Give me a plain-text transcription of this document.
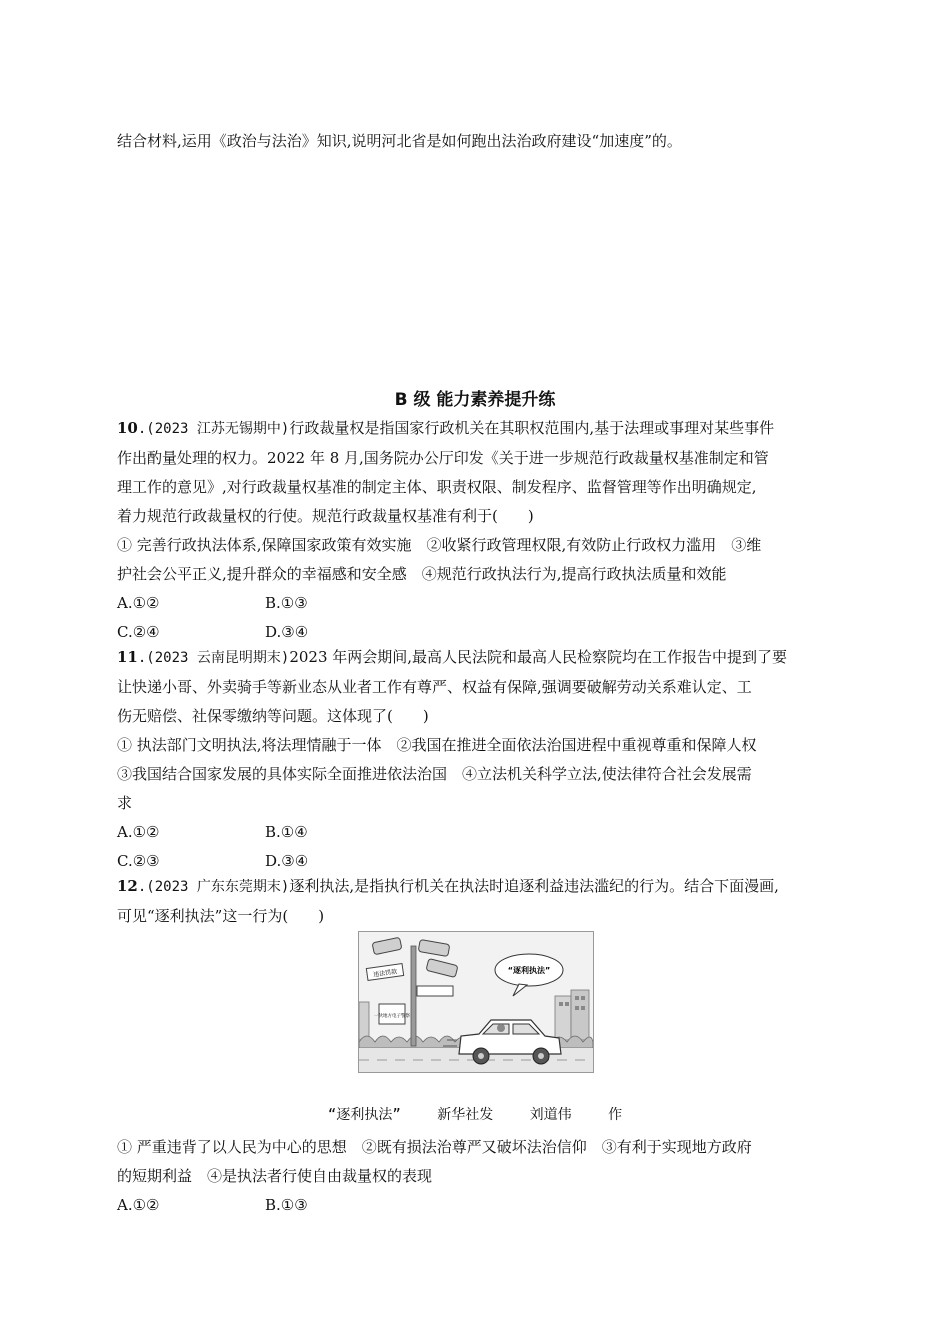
结合材料,运用《政治与法治》知识,说明河北省是如何跑出法治政府建设“加速度”的。

B 级 能力素养提升练

10.(2023 江苏无锡期中)行政裁量权是指国家行政机关在其职权范围内,基于法理或事理对某些事件

作出酌量处理的权力。2022 年 8 月,国务院办公厅印发《关于进一步规范行政裁量权基准制定和管

理工作的意见》,对行政裁量权基准的制定主体、职责权限、制发程序、监督管理等作出明确规定,

着力规范行政裁量权的行使。规范行政裁量权基准有利于(　　)

① 完善行政执法体系,保障国家政策有效实施　②收紧行政管理权限,有效防止行政权力滥用　③维

护社会公平正义,提升群众的幸福感和安全感　④规范行政执法行为,提高行政执法质量和效能

A.①②	B.①③
C.②④	D.③④

11.(2023 云南昆明期末)2023 年两会期间,最高人民法院和最高人民检察院均在工作报告中提到了要

让快递小哥、外卖骑手等新业态从业者工作有尊严、权益有保障,强调要破解劳动关系难认定、工

伤无赔偿、社保零缴纳等问题。这体现了(　　)

① 执法部门文明执法,将法理情融于一体　②我国在推进全面依法治国进程中重视尊重和保障人权

③我国结合国家发展的具体实际全面推进依法治国　④立法机关科学立法,使法律符合社会发展需

求

A.①②	B.①④
C.②③	D.③④

12.(2023 广东东莞期末)逐利执法,是指执行机关在执法时追逐利益违法滥纪的行为。结合下面漫画,

可见“逐利执法”这一行为(　　)

违法罚款
一伙地方电子警察
“逐利执法”
“逐利执法”	新华社发	刘道伟	作

① 严重违背了以人民为中心的思想　②既有损法治尊严又破坏法治信仰　③有利于实现地方政府

的短期利益　④是执法者行使自由裁量权的表现

A.①②	B.①③
